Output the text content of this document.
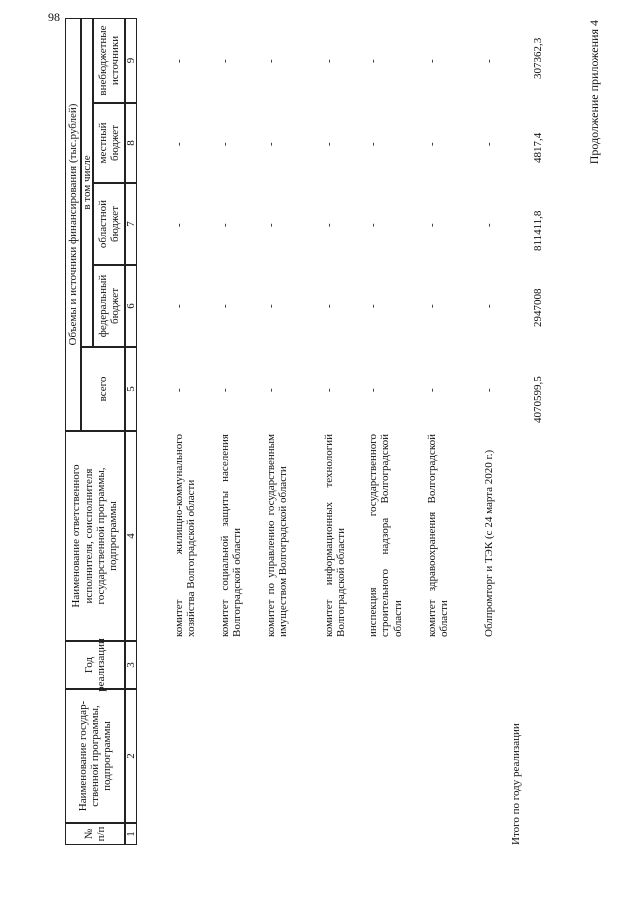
98
Продолжение приложения 4
№ п/п
Наименование государ-ственной программы, подпрограммы
Год реализации
Наименование ответственного исполнителя, соисполнителя государственной программы, подпрограммы
Объемы и источники финансирования (тыс.рублей)
всего
в том числе
федеральный бюджет
областной бюджет
местный бюджет
внебюджетные источники
1
2
3
4
5
6
7
8
9
комитет жилищно-коммунального хозяйства Волгоградской области
-
-
-
-
-
комитет социальной защиты населения Волгоградской области
-
-
-
-
-
комитет по управлению государственным имуществом Волгоградской области
-
-
-
-
-
комитет информационных технологий Волгоградской области
-
-
-
-
-
инспекция государственного строительного надзора Волгоградской области
-
-
-
-
-
комитет здравоохранения Волгоградской области
-
-
-
-
-
Облпромторг и ТЭК (с 24 марта 2020 г.)
-
-
-
-
-
Итого по году реализации
4070599,5
2947008
811411,8
4817,4
307362,3
